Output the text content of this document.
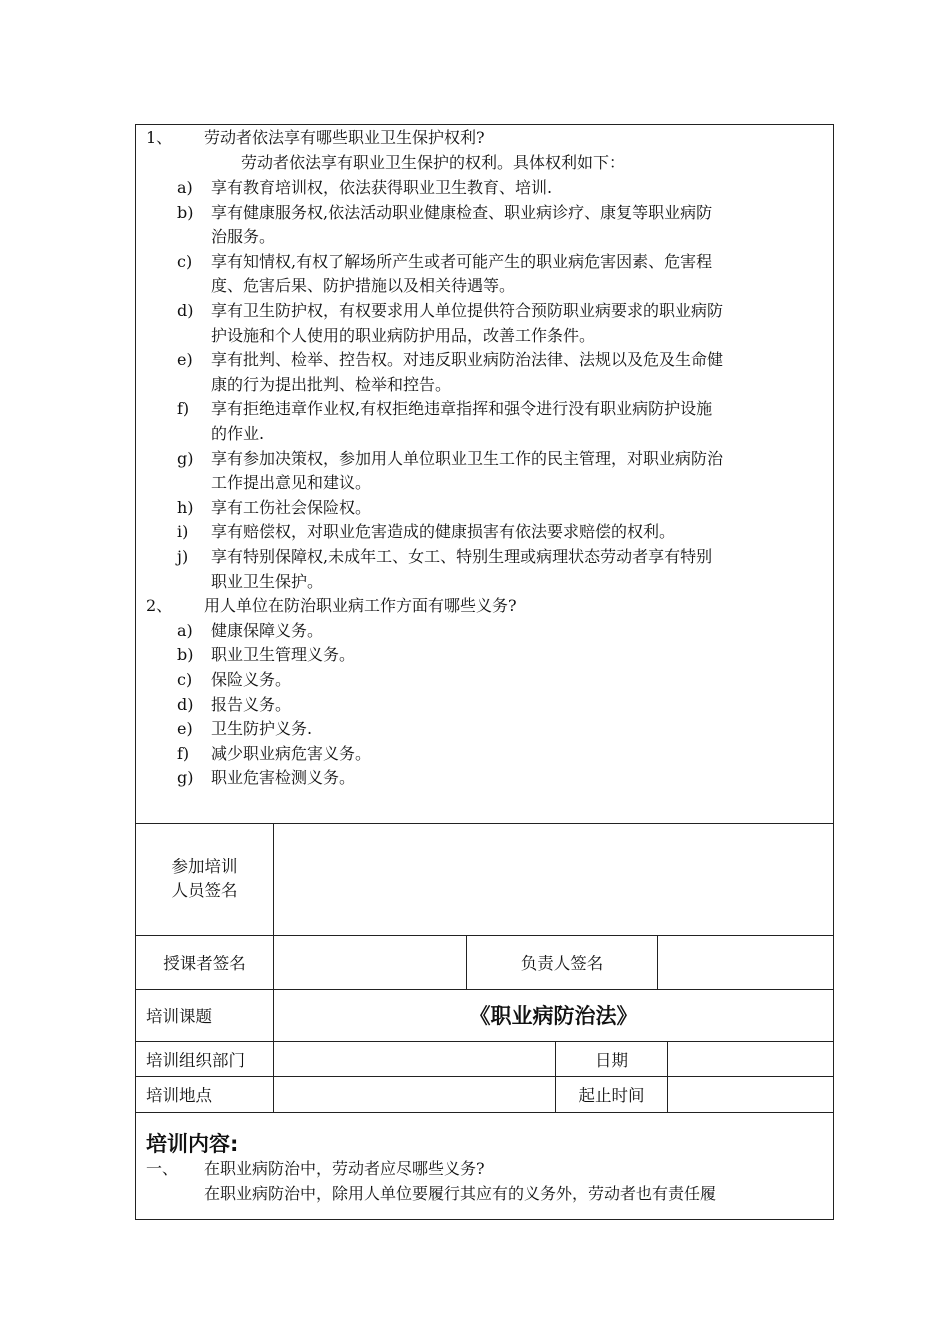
1、 劳动者依法享有哪些职业卫生保护权利?
劳动者依法享有职业卫生保护的权利。具体权利如下：
a) 享有教育培训权，依法获得职业卫生教育、培训.
b) 享有健康服务权,依法活动职业健康检查、职业病诊疗、康复等职业病防
治服务。
c) 享有知情权,有权了解场所产生或者可能产生的职业病危害因素、危害程
度、危害后果、防护措施以及相关待遇等。
d) 享有卫生防护权，有权要求用人单位提供符合预防职业病要求的职业病防
护设施和个人使用的职业病防护用品，改善工作条件。
e) 享有批判、检举、控告权。对违反职业病防治法律、法规以及危及生命健
康的行为提出批判、检举和控告。
f) 享有拒绝违章作业权,有权拒绝违章指挥和强令进行没有职业病防护设施
的作业.
g) 享有参加决策权，参加用人单位职业卫生工作的民主管理，对职业病防治
工作提出意见和建议。
h) 享有工伤社会保险权。
i) 享有赔偿权，对职业危害造成的健康损害有依法要求赔偿的权利。
j) 享有特别保障权,未成年工、女工、特别生理或病理状态劳动者享有特别
职业卫生保护。
2、 用人单位在防治职业病工作方面有哪些义务?
a) 健康保障义务。
b) 职业卫生管理义务。
c) 保险义务。
d) 报告义务。
e) 卫生防护义务.
f) 减少职业病危害义务。
g) 职业危害检测义务。
参加培训
人员签名
授课者签名	负责人签名
培训课题	《职业病防治法》
培训组织部门	日期
培训地点	起止时间
培训内容:
一、 在职业病防治中，劳动者应尽哪些义务?
在职业病防治中，除用人单位要履行其应有的义务外，劳动者也有责任履
